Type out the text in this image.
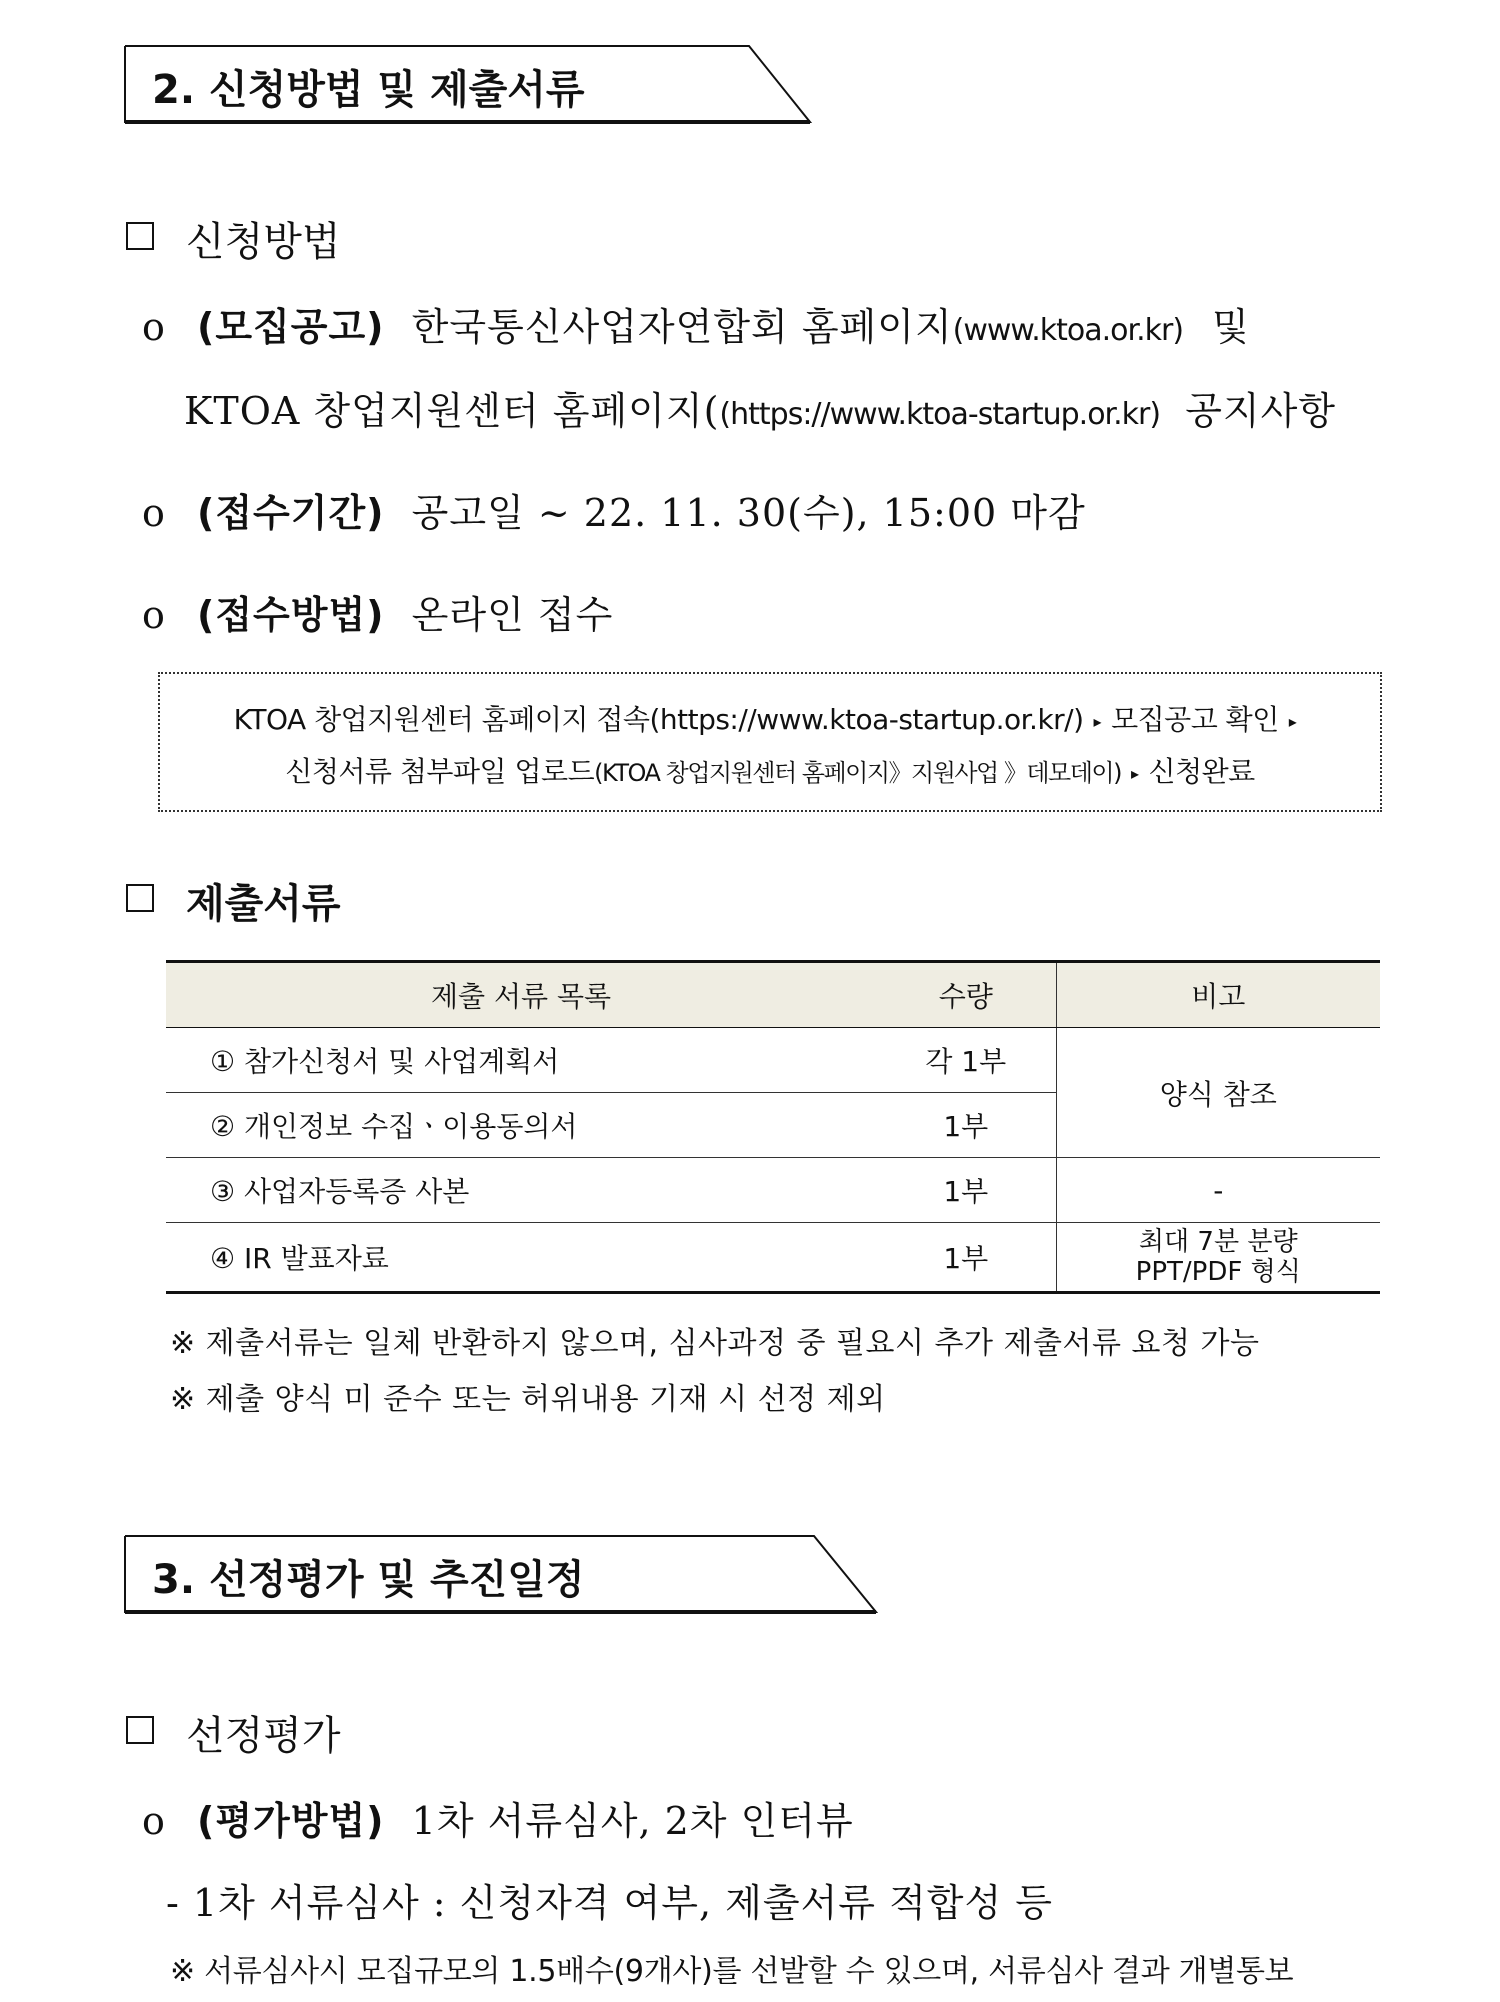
2. 신청방법 및 제출서류
신청방법
o (모집공고) 한국통신사업자연합회 홈페이지(www.ktoa.or.kr) 및
KTOA 창업지원센터 홈페이지((https://www.ktoa-startup.or.kr) 공지사항
o (접수기간) 공고일 ~ 22. 11. 30(수), 15:00 마감
o (접수방법) 온라인 접수
KTOA 창업지원센터 홈페이지 접속(https://www.ktoa-startup.or.kr/) ▸ 모집공고 확인 ▸
신청서류 첨부파일 업로드(KTOA 창업지원센터 홈페이지》지원사업 》데모데이) ▸ 신청완료
제출서류
제출 서류 목록	수량	비고
① 참가신청서 및 사업계획서	각 1부	양식 참조
② 개인정보 수집ㆍ이용동의서	1부	
③ 사업자등록증 사본	1부	-
④ IR 발표자료	1부	최대 7분 분량
PPT/PDF 형식
※ 제출서류는 일체 반환하지 않으며, 심사과정 중 필요시 추가 제출서류 요청 가능
※ 제출 양식 미 준수 또는 허위내용 기재 시 선정 제외
3. 선정평가 및 추진일정
선정평가
o (평가방법) 1차 서류심사, 2차 인터뷰
- 1차 서류심사 : 신청자격 여부, 제출서류 적합성 등
※ 서류심사시 모집규모의 1.5배수(9개사)를 선발할 수 있으며, 서류심사 결과 개별통보
